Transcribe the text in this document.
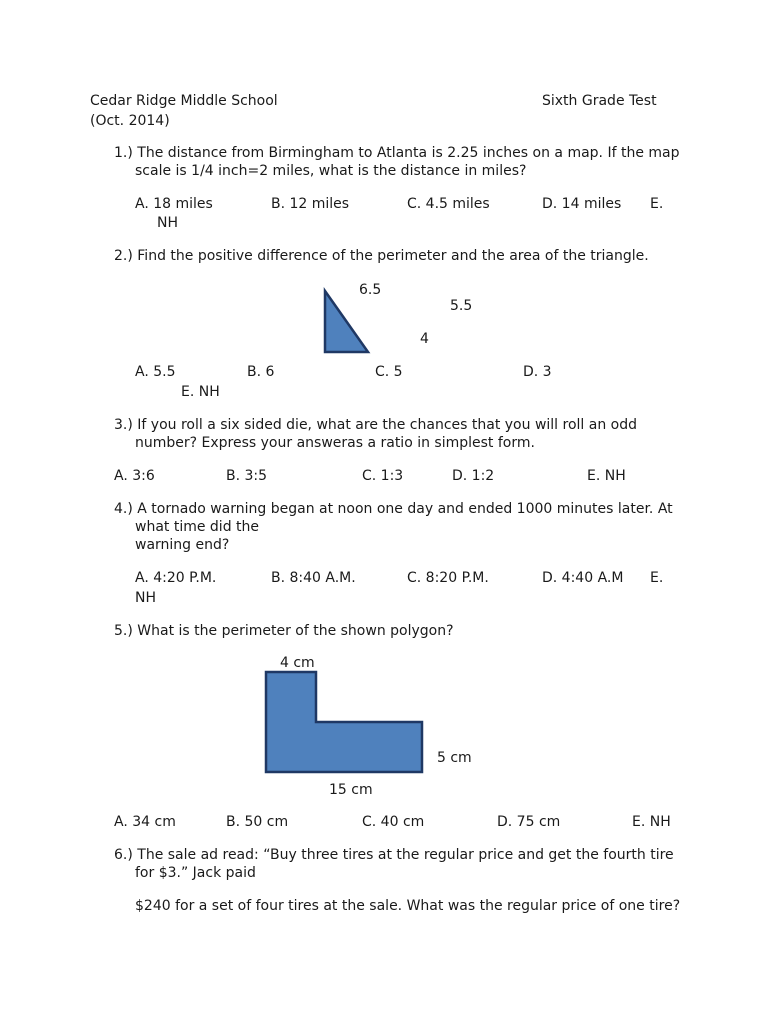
Cedar Ridge Middle School	Sixth Grade Test
(Oct. 2014)
1.) The distance from Birmingham to Atlanta is 2.25 inches on a map. If the map
scale is 1/4 inch=2 miles, what is the distance in miles?
A. 18 miles	B. 12 miles	C. 4.5 miles	D. 14 miles E.
NH
2.) Find the positive difference of the perimeter and the area of the triangle.
6.5
5.5
4
A. 5.5	B. 6	C. 5	D. 3
E. NH
3.) If you roll a six sided die, what are the chances that you will roll an odd
number? Express your answeras a ratio in simplest form.
A. 3:6	B. 3:5	C. 1:3	D. 1:2	E. NH
4.) A tornado warning began at noon one day and ended 1000 minutes later. At
what time did the
warning end?
A. 4:20 P.M.	B. 8:40 A.M.	C. 8:20 P.M.	D. 4:40 A.M E.
NH
5.) What is the perimeter of the shown polygon?
4 cm
5 cm
15 cm
A. 34 cm	B. 50 cm	C. 40 cm	D. 75 cm	E. NH
6.) The sale ad read: “Buy three tires at the regular price and get the fourth tire
for $3.” Jack paid
$240 for a set of four tires at the sale. What was the regular price of one tire?
